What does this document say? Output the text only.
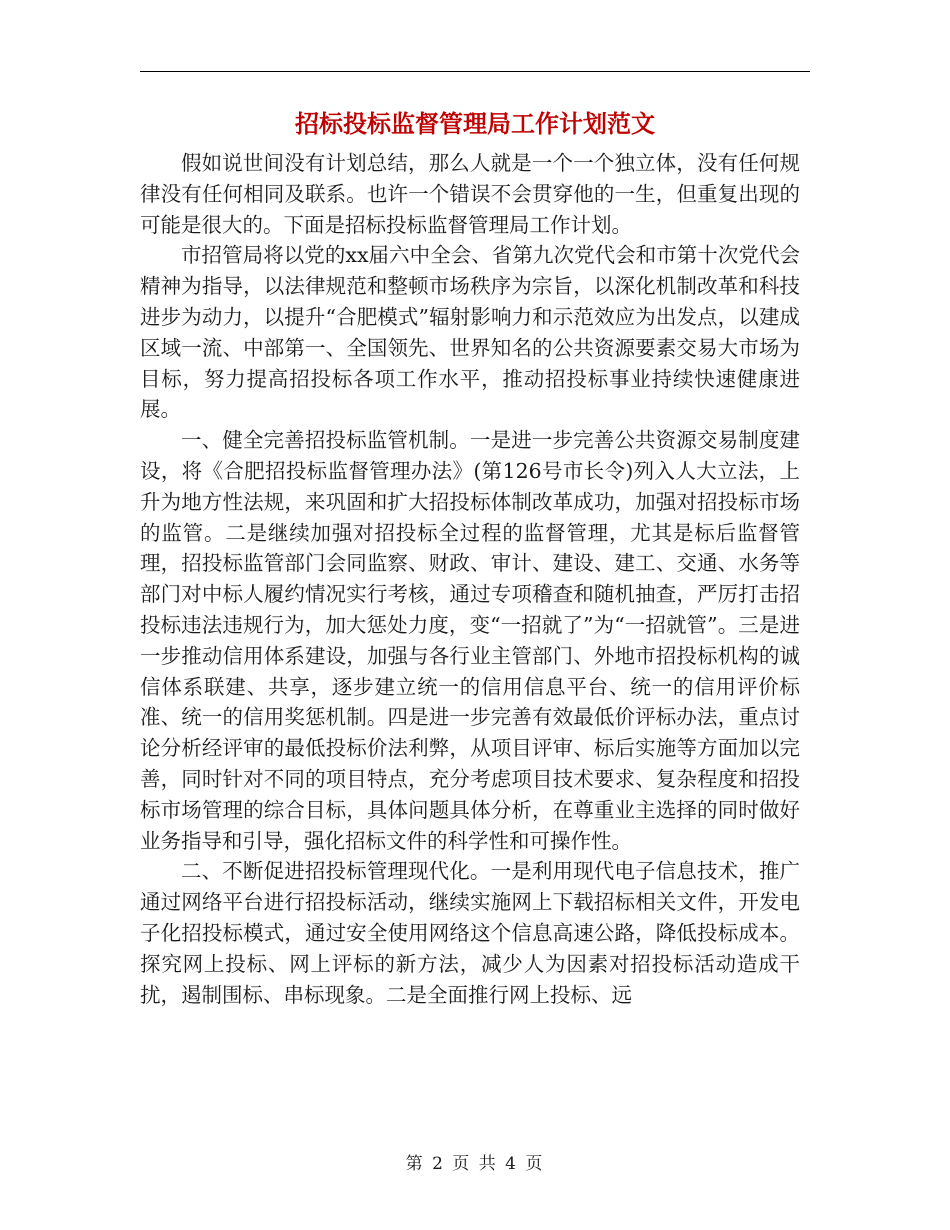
招标投标监督管理局工作计划范文

假如说世间没有计划总结，那么人就是一个一个独立体，没有任何规律没有任何相同及联系。也许一个错误不会贯穿他的一生，但重复出现的可能是很大的。下面是招标投标监督管理局工作计划。

市招管局将以党的xx届六中全会、省第九次党代会和市第十次党代会精神为指导，以法律规范和整顿市场秩序为宗旨，以深化机制改革和科技进步为动力，以提升“合肥模式”辐射影响力和示范效应为出发点，以建成区域一流、中部第一、全国领先、世界知名的公共资源要素交易大市场为目标，努力提高招投标各项工作水平，推动招投标事业持续快速健康进展。

一、健全完善招投标监管机制。一是进一步完善公共资源交易制度建设，将《合肥招投标监督管理办法》(第126号市长令)列入人大立法，上升为地方性法规，来巩固和扩大招投标体制改革成功，加强对招投标市场的监管。二是继续加强对招投标全过程的监督管理，尤其是标后监督管理，招投标监管部门会同监察、财政、审计、建设、建工、交通、水务等部门对中标人履约情况实行考核，通过专项稽查和随机抽查，严厉打击招投标违法违规行为，加大惩处力度，变“一招就了”为“一招就管”。三是进一步推动信用体系建设，加强与各行业主管部门、外地市招投标机构的诚信体系联建、共享，逐步建立统一的信用信息平台、统一的信用评价标准、统一的信用奖惩机制。四是进一步完善有效最低价评标办法，重点讨论分析经评审的最低投标价法利弊，从项目评审、标后实施等方面加以完善，同时针对不同的项目特点，充分考虑项目技术要求、复杂程度和招投标市场管理的综合目标，具体问题具体分析，在尊重业主选择的同时做好业务指导和引导，强化招标文件的科学性和可操作性。

二、不断促进招投标管理现代化。一是利用现代电子信息技术，推广通过网络平台进行招投标活动，继续实施网上下载招标相关文件，开发电子化招投标模式，通过安全使用网络这个信息高速公路，降低投标成本。探究网上投标、网上评标的新方法，减少人为因素对招投标活动造成干扰，遏制围标、串标现象。二是全面推行网上投标、远

第 2 页 共 4 页
